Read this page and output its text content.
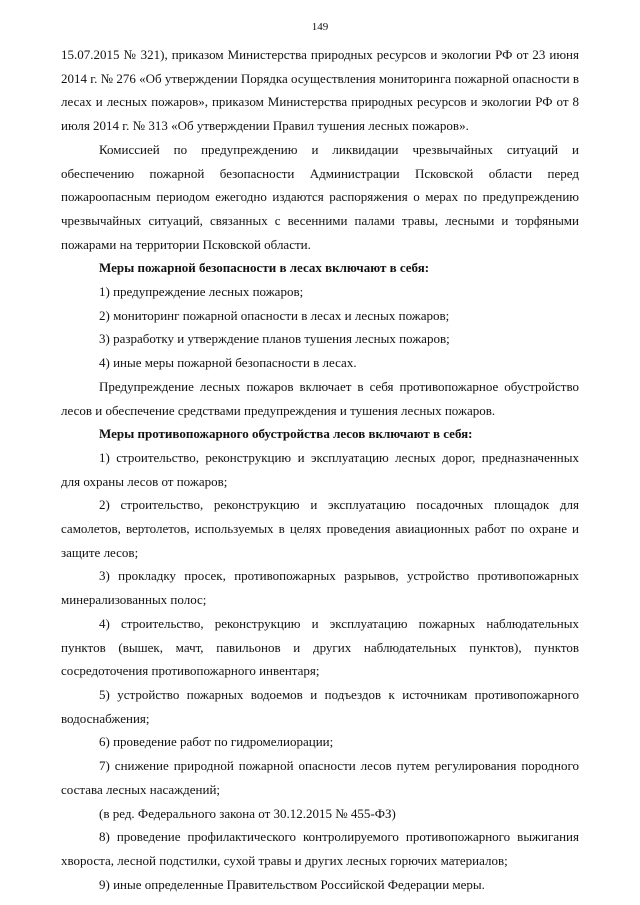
149

15.07.2015 № 321), приказом Министерства природных ресурсов и экологии РФ от 23 июня 2014 г. № 276 «Об утверждении Порядка осуществления мониторинга пожарной опасности в лесах и лесных пожаров», приказом Министерства природных ресурсов и экологии РФ от 8 июля 2014 г. № 313 «Об утверждении Правил тушения лесных пожаров».

Комиссией по предупреждению и ликвидации чрезвычайных ситуаций и обеспечению пожарной безопасности Администрации Псковской области перед пожароопасным периодом ежегодно издаются распоряжения о мерах по предупреждению чрезвычайных ситуаций, связанных с весенними палами травы, лесными и торфяными пожарами на территории Псковской области.

Меры пожарной безопасности в лесах включают в себя:

1) предупреждение лесных пожаров;

2) мониторинг пожарной опасности в лесах и лесных пожаров;

3) разработку и утверждение планов тушения лесных пожаров;

4) иные меры пожарной безопасности в лесах.

Предупреждение лесных пожаров включает в себя противопожарное обустройство лесов и обеспечение средствами предупреждения и тушения лесных пожаров.

Меры противопожарного обустройства лесов включают в себя:

1) строительство, реконструкцию и эксплуатацию лесных дорог, предназначенных для охраны лесов от пожаров;

2) строительство, реконструкцию и эксплуатацию посадочных площадок для самолетов, вертолетов, используемых в целях проведения авиационных работ по охране и защите лесов;

3) прокладку просек, противопожарных разрывов, устройство противопожарных минерализованных полос;

4) строительство, реконструкцию и эксплуатацию пожарных наблюдательных пунктов (вышек, мачт, павильонов и других наблюдательных пунктов), пунктов сосредоточения противопожарного инвентаря;

5) устройство пожарных водоемов и подъездов к источникам противопожарного водоснабжения;

6) проведение работ по гидромелиорации;

7) снижение природной пожарной опасности лесов путем регулирования породного состава лесных насаждений;

(в ред. Федерального закона от 30.12.2015 № 455-ФЗ)

8) проведение профилактического контролируемого противопожарного выжигания хвороста, лесной подстилки, сухой травы и других лесных горючих материалов;

9) иные определенные Правительством Российской Федерации меры.
